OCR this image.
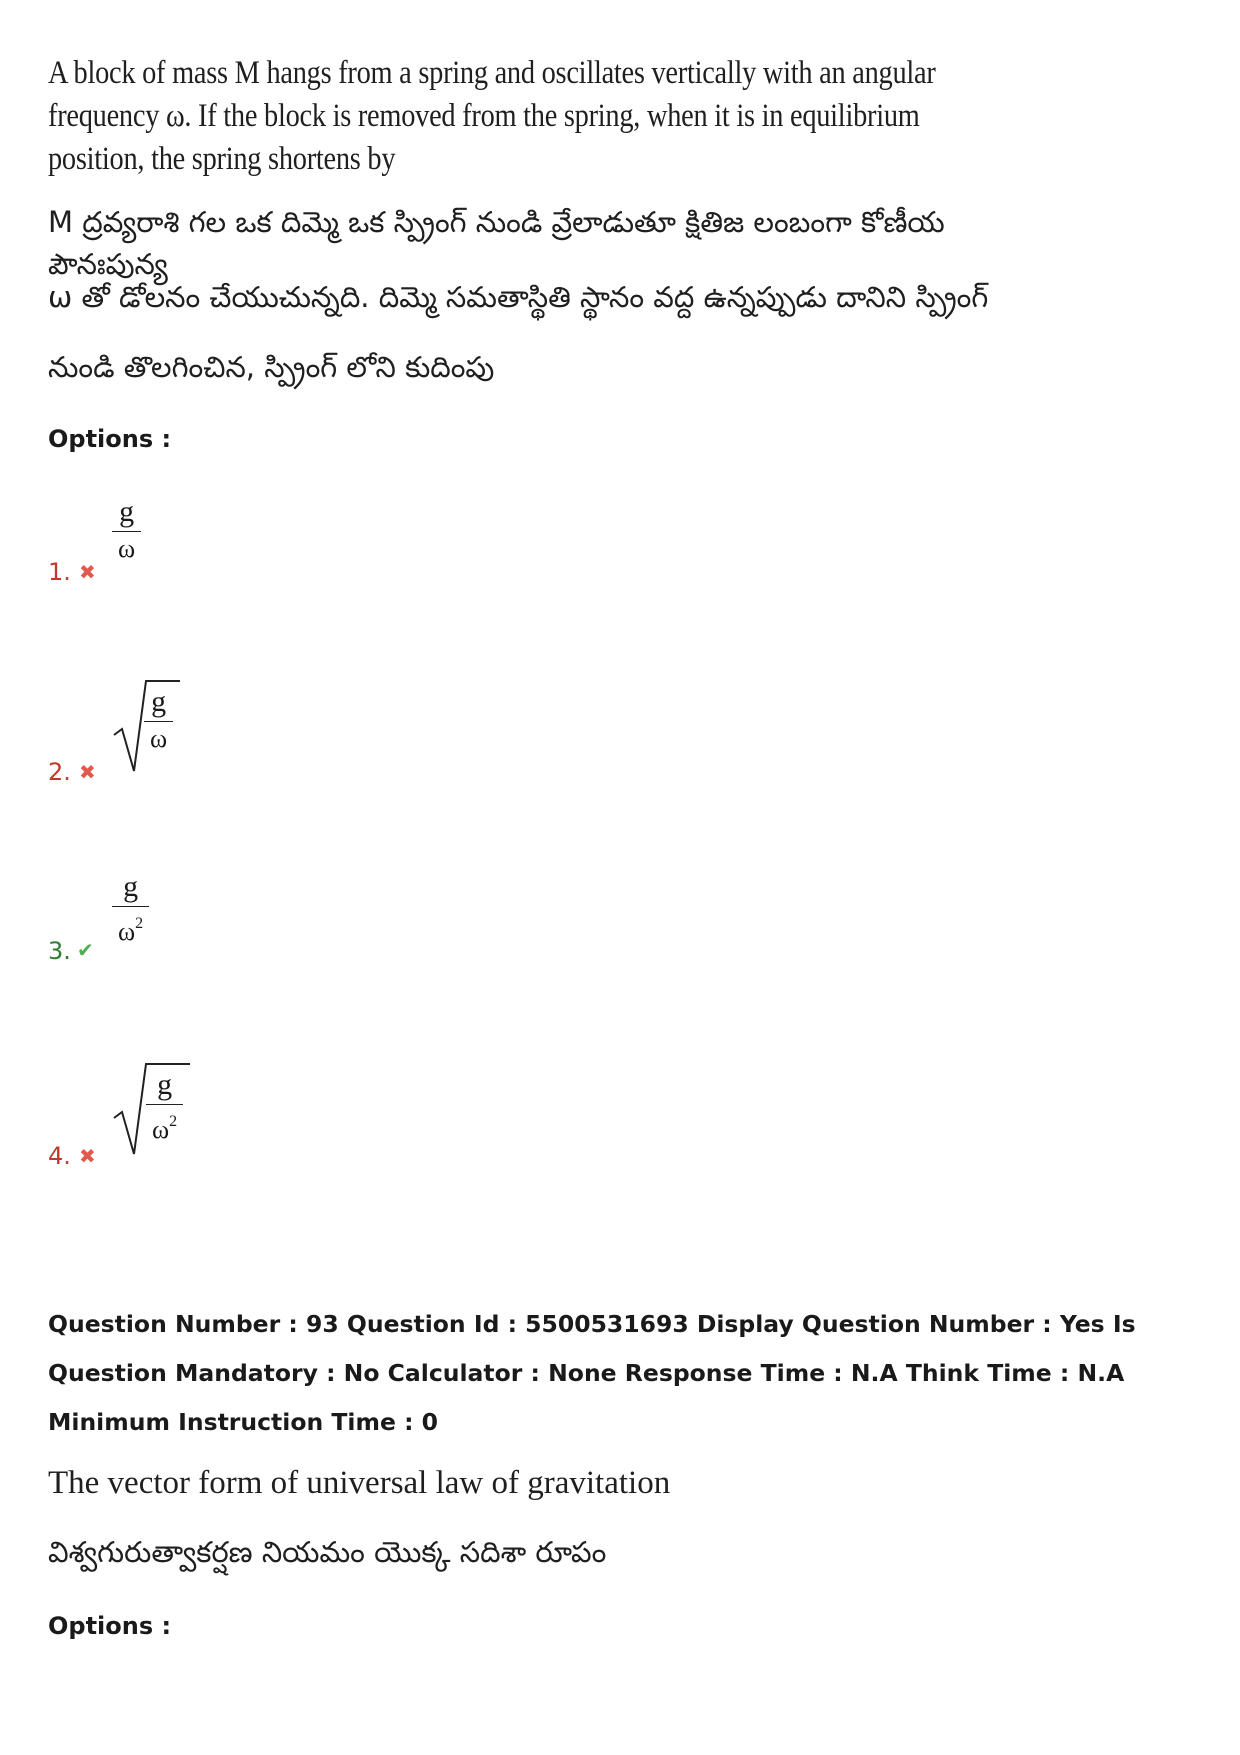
A block of mass M hangs from a spring and oscillates vertically with an angular frequency ω. If the block is removed from the spring, when it is in equilibrium position, the spring shortens by
M ద్రవ్యరాశి గల ఒక దిమ్మె ఒక స్ప్రింగ్ నుండి వ్రేలాడుతూ క్షితిజ లంబంగా కోణీయ పౌనఃపున్య
ω తో డోలనం చేయుచున్నది. దిమ్మె సమతాస్థితి స్థానం వద్ద ఉన్నప్పుడు దానిని స్ప్రింగ్
నుండి తొలగించిన, స్ప్రింగ్ లోని కుదింపు
Options :
1. ✖
$\frac{g}{\omega}$
2. ✖
g
ω
3. ✔
$\frac{g}{\omega^2}$
4. ✖
g
$\omega^2$
Question Number : 93 Question Id : 5500531693 Display Question Number : Yes Is Question Mandatory : No Calculator : None Response Time : N.A Think Time : N.A Minimum Instruction Time : 0
The vector form of universal law of gravitation
విశ్వగురుత్వాకర్షణ నియమం యొక్క సదిశా రూపం
Options :
